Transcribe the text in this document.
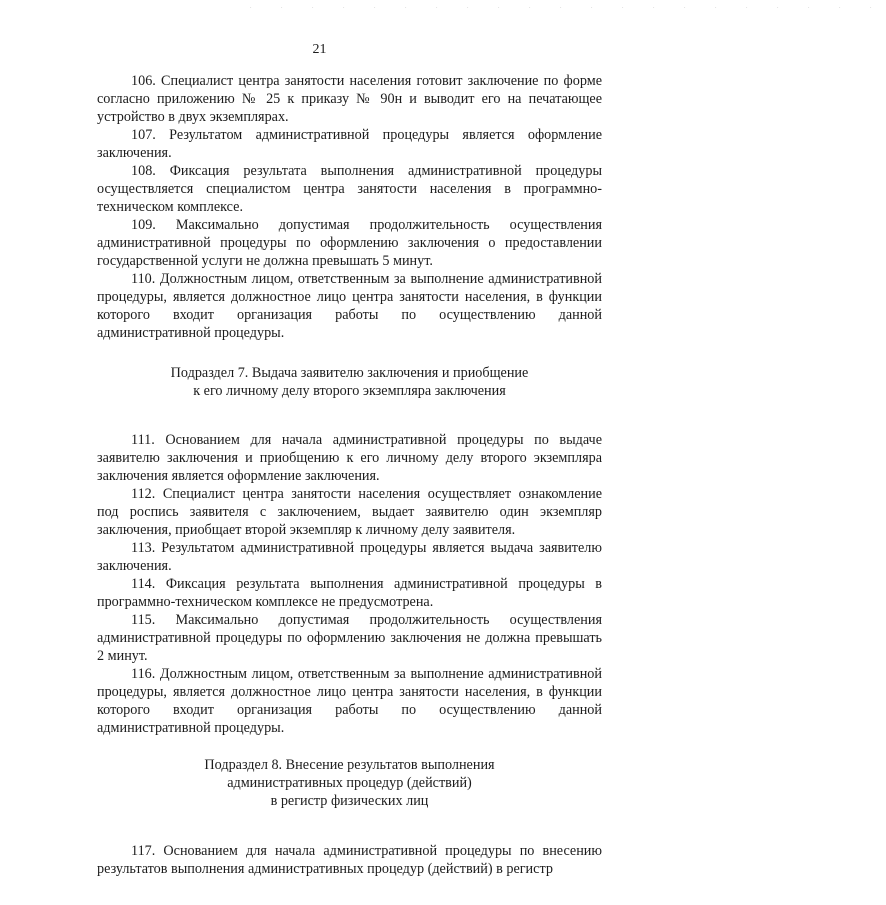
. . . . . . . . . . . . . . . . . . . . .
21

106. Специалист центра занятости населения готовит заключение по форме согласно приложению № 25 к приказу № 90н и выводит его на печатающее устройство в двух экземплярах.

107. Результатом административной процедуры является оформление заключения.

108. Фиксация результата выполнения административной процедуры осуществляется специалистом центра занятости населения в программно-техническом комплексе.

109. Максимально допустимая продолжительность осуществления административной процедуры по оформлению заключения о предоставлении государственной услуги не должна превышать 5 минут.

110. Должностным лицом, ответственным за выполнение административной процедуры, является должностное лицо центра занятости населения, в функции которого входит организация работы по осуществлению данной административной процедуры.

Подраздел 7. Выдача заявителю заключения и приобщение
к его личному делу второго экземпляра заключения

111. Основанием для начала административной процедуры по выдаче заявителю заключения и приобщению к его личному делу второго экземпляра заключения является оформление заключения.

112. Специалист центра занятости населения осуществляет ознакомление под роспись заявителя с заключением, выдает заявителю один экземпляр заключения, приобщает второй экземпляр к личному делу заявителя.

113. Результатом административной процедуры является выдача заявителю заключения.

114. Фиксация результата выполнения административной процедуры в программно-техническом комплексе не предусмотрена.

115. Максимально допустимая продолжительность осуществления административной процедуры по оформлению заключения не должна превышать 2 минут.

116. Должностным лицом, ответственным за выполнение административной процедуры, является должностное лицо центра занятости населения, в функции которого входит организация работы по осуществлению данной административной процедуры.

Подраздел 8. Внесение результатов выполнения
административных процедур (действий)
в регистр физических лиц

117. Основанием для начала административной процедуры по внесению результатов выполнения административных процедур (действий) в регистр
